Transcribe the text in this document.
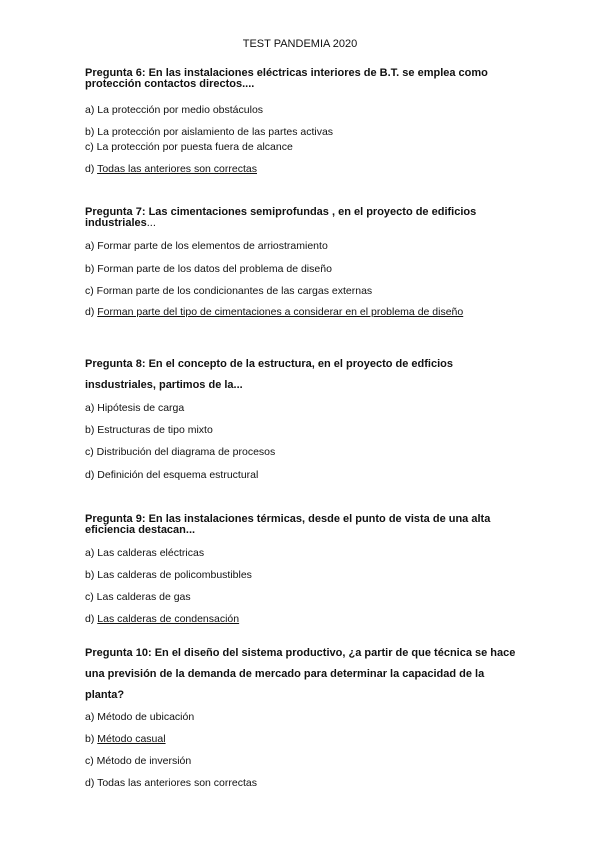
TEST PANDEMIA 2020
Pregunta 6: En las instalaciones eléctricas interiores de B.T. se emplea como protección contactos directos....
a) La protección por medio obstáculos
b) La protección por aislamiento de las partes activas
c) La protección por puesta fuera de alcance
d) Todas las anteriores son correctas
Pregunta 7: Las cimentaciones semiprofundas , en el proyecto de edificios industriales...
a) Formar parte de los elementos de arriostramiento
b) Forman parte de los datos del problema de diseño
c) Forman parte de los condicionantes de las cargas externas
d) Forman parte del tipo de cimentaciones a considerar en el problema de diseño
Pregunta 8: En el concepto de la estructura, en el proyecto de edficios insdustriales, partimos de la...
a) Hipótesis de carga
b) Estructuras de tipo mixto
c) Distribución del diagrama de procesos
d) Definición del esquema estructural
Pregunta 9: En las instalaciones térmicas, desde el punto de vista de una alta eficiencia destacan...
a) Las calderas eléctricas
b) Las calderas de policombustibles
c) Las calderas de gas
d) Las calderas de condensación
Pregunta 10: En el diseño del sistema productivo, ¿a partir de que técnica se hace una previsión de la demanda de mercado para determinar la capacidad de la planta?
a) Método de ubicación
b) Método casual
c) Método de inversión
d) Todas las anteriores son correctas
